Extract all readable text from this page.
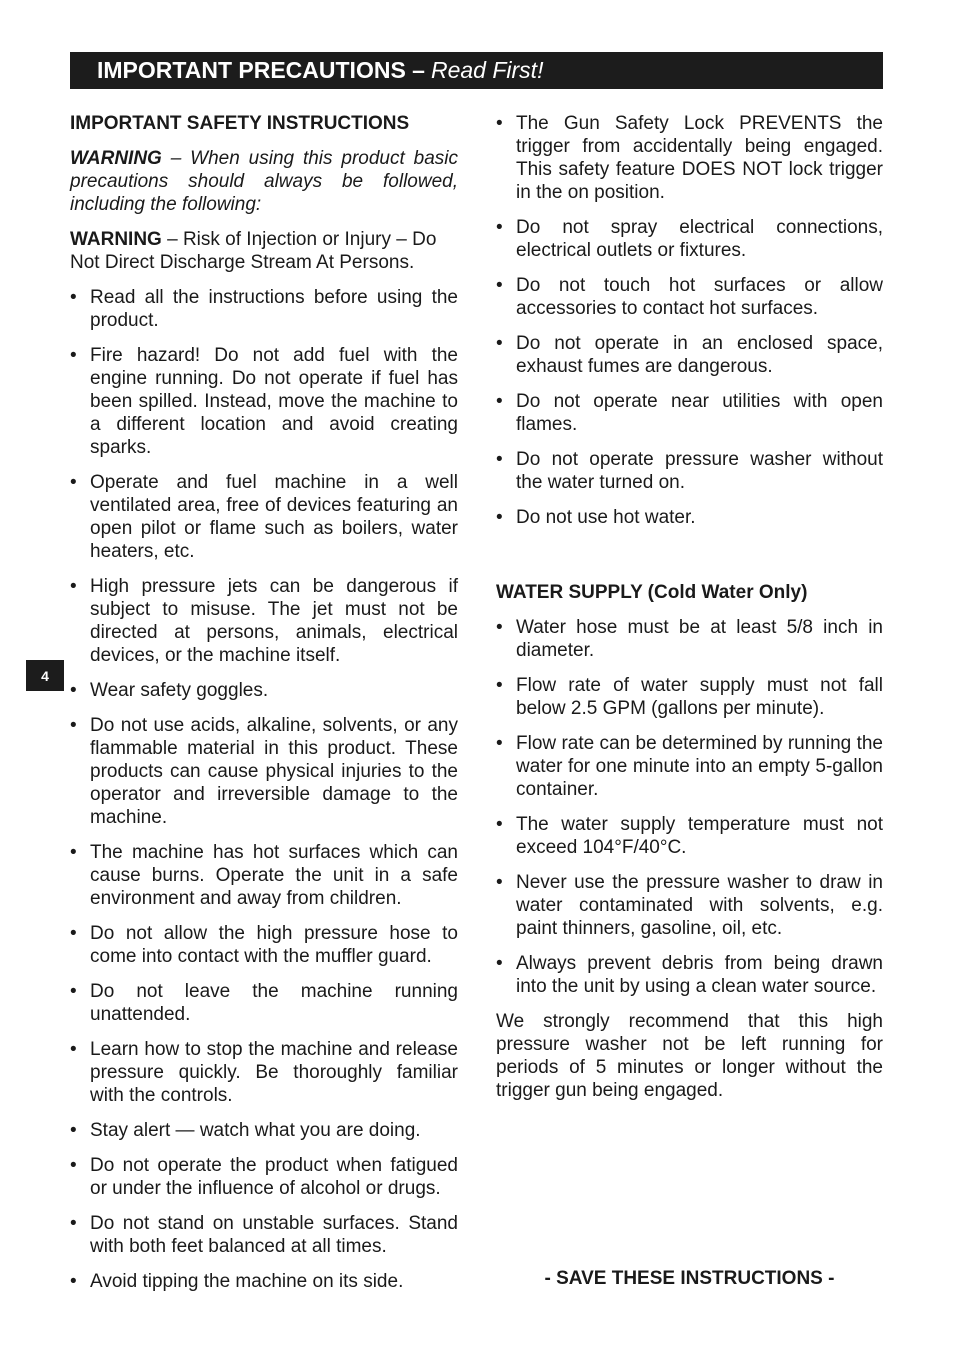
IMPORTANT PRECAUTIONS – Read First!
4
IMPORTANT SAFETY INSTRUCTIONS

WARNING – When using this product basic precautions should always be followed, including the following:

WARNING – Risk of Injection or Injury – Do Not Direct Discharge Stream At Persons.

• Read all the instructions before using the product.
• Fire hazard! Do not add fuel with the engine running. Do not operate if fuel has been spilled. Instead, move the machine to a different location and avoid creating sparks.
• Operate and fuel machine in a well ventilated area, free of devices featuring an open pilot or flame such as boilers, water heaters, etc.
• High pressure jets can be dangerous if subject to misuse. The jet must not be directed at persons, animals, electrical devices, or the machine itself.
• Wear safety goggles.
• Do not use acids, alkaline, solvents, or any flammable material in this product. These products can cause physical injuries to the operator and irreversible damage to the machine.
• The machine has hot surfaces which can cause burns. Operate the unit in a safe environment and away from children.
• Do not allow the high pressure hose to come into contact with the muffler guard.
• Do not leave the machine running unattended.
• Learn how to stop the machine and release pressure quickly. Be thoroughly familiar with the controls.
• Stay alert — watch what you are doing.
• Do not operate the product when fatigued or under the influence of alcohol or drugs.
• Do not stand on unstable surfaces. Stand with both feet balanced at all times.
• Avoid tipping the machine on its side.
• The Gun Safety Lock PREVENTS the trigger from accidentally being engaged. This safety feature DOES NOT lock trigger in the on position.
• Do not spray electrical connections, electrical outlets or fixtures.
• Do not touch hot surfaces or allow accessories to contact hot surfaces.
• Do not operate in an enclosed space, exhaust fumes are dangerous.
• Do not operate near utilities with open flames.
• Do not operate pressure washer without the water turned on.
• Do not use hot water.
WATER SUPPLY (Cold Water Only)
• Water hose must be at least 5/8 inch in diameter.
• Flow rate of water supply must not fall below 2.5 GPM (gallons per minute).
• Flow rate can be determined by running the water for one minute into an empty 5-gallon container.
• The water supply temperature must not exceed 104°F/40°C.
• Never use the pressure washer to draw in water contaminated with solvents, e.g. paint thinners, gasoline, oil, etc.
• Always prevent debris from being drawn into the unit by using a clean water source.

We strongly recommend that this high pressure washer not be left running for periods of 5 minutes or longer without the trigger gun being engaged.

- SAVE THESE INSTRUCTIONS -
